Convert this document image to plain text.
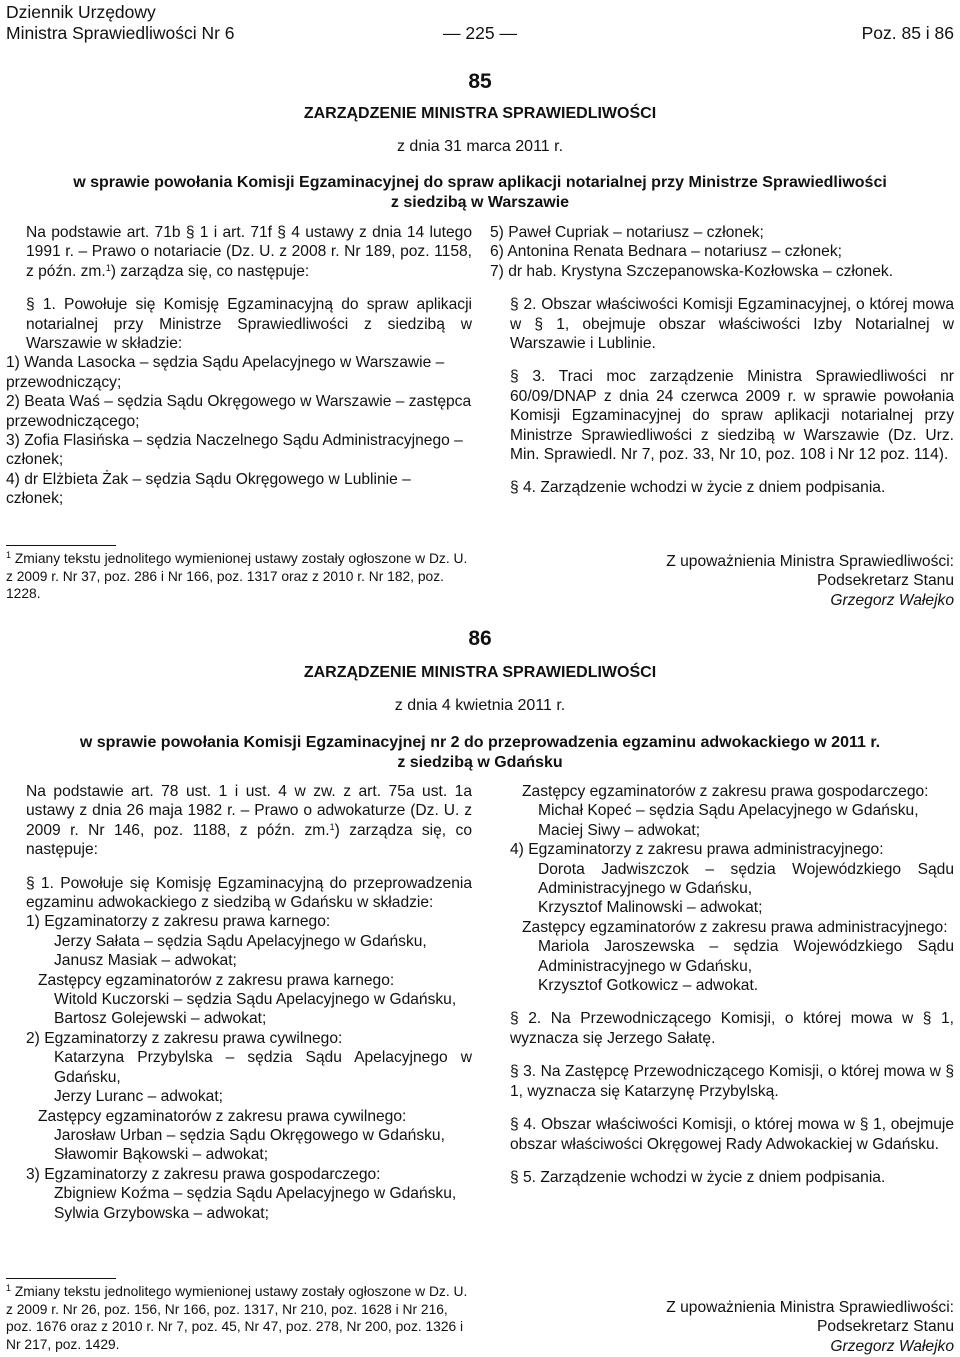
Dziennik Urzędowy
Ministra Sprawiedliwości Nr 6	— 225 —	Poz. 85 i 86
85
ZARZĄDZENIE MINISTRA SPRAWIEDLIWOŚCI
z dnia 31 marca 2011 r.
w sprawie powołania Komisji Egzaminacyjnej do spraw aplikacji notarialnej przy Ministrze Sprawiedliwości
z siedzibą w Warszawie

Na podstawie art. 71b § 1 i art. 71f § 4 ustawy z dnia 14 lutego 1991 r. – Prawo o notariacie (Dz. U. z 2008 r. Nr 189, poz. 1158, z późn. zm.$^1$) zarządza się, co następuje:

§ 1. Powołuje się Komisję Egzaminacyjną do spraw aplikacji notarialnej przy Ministrze Sprawiedliwości z siedzibą w Warszawie w składzie:

1) Wanda Lasocka – sędzia Sądu Apelacyjnego w Warszawie – przewodniczący;

2) Beata Waś – sędzia Sądu Okręgowego w Warszawie – zastępca przewodniczącego;

3) Zofia Flasińska – sędzia Naczelnego Sądu Administracyjnego – członek;

4) dr Elżbieta Żak – sędzia Sądu Okręgowego w Lublinie – członek;

5) Paweł Cupriak – notariusz – członek;

6) Antonina Renata Bednara – notariusz – członek;

7) dr hab. Krystyna Szczepanowska-Kozłowska – członek.

§ 2. Obszar właściwości Komisji Egzaminacyjnej, o której mowa w § 1, obejmuje obszar właściwości Izby Notarialnej w Warszawie i Lublinie.

§ 3. Traci moc zarządzenie Ministra Sprawiedliwości nr 60/09/DNAP z dnia 24 czerwca 2009 r. w sprawie powołania Komisji Egzaminacyjnej do spraw aplikacji notarialnej przy Ministrze Sprawiedliwości z siedzibą w Warszawie (Dz. Urz. Min. Sprawiedl. Nr 7, poz. 33, Nr 10, poz. 108 i Nr 12 poz. 114).

§ 4. Zarządzenie wchodzi w życie z dniem podpisania.

$^1$ Zmiany tekstu jednolitego wymienionej ustawy zostały ogłoszone w Dz. U. z 2009 r. Nr 37, poz. 286 i Nr 166, poz. 1317 oraz z 2010 r. Nr 182, poz. 1228.
Z upoważnienia Ministra Sprawiedliwości:
Podsekretarz Stanu
Grzegorz Wałejko
86
ZARZĄDZENIE MINISTRA SPRAWIEDLIWOŚCI
z dnia 4 kwietnia 2011 r.
w sprawie powołania Komisji Egzaminacyjnej nr 2 do przeprowadzenia egzaminu adwokackiego w 2011 r.
z siedzibą w Gdańsku

Na podstawie art. 78 ust. 1 i ust. 4 w zw. z art. 75a ust. 1a ustawy z dnia 26 maja 1982 r. – Prawo o adwokaturze (Dz. U. z 2009 r. Nr 146, poz. 1188, z późn. zm.$^1$) zarządza się, co następuje:

§ 1. Powołuje się Komisję Egzaminacyjną do przeprowadzenia egzaminu adwokackiego z siedzibą w Gdańsku w składzie:

1) Egzaminatorzy z zakresu prawa karnego:

Jerzy Sałata – sędzia Sądu Apelacyjnego w Gdańsku,

Janusz Masiak – adwokat;

Zastępcy egzaminatorów z zakresu prawa karnego:

Witold Kuczorski – sędzia Sądu Apelacyjnego w Gdańsku,

Bartosz Golejewski – adwokat;

2) Egzaminatorzy z zakresu prawa cywilnego:

Katarzyna Przybylska – sędzia Sądu Apelacyjnego w Gdańsku,

Jerzy Luranc – adwokat;

Zastępcy egzaminatorów z zakresu prawa cywilnego:

Jarosław Urban – sędzia Sądu Okręgowego w Gdańsku,

Sławomir Bąkowski – adwokat;

3) Egzaminatorzy z zakresu prawa gospodarczego:

Zbigniew Koźma – sędzia Sądu Apelacyjnego w Gdańsku,

Sylwia Grzybowska – adwokat;

Zastępcy egzaminatorów z zakresu prawa gospodarczego:

Michał Kopeć – sędzia Sądu Apelacyjnego w Gdańsku,

Maciej Siwy – adwokat;

4) Egzaminatorzy z zakresu prawa administracyjnego:

Dorota Jadwiszczok – sędzia Wojewódzkiego Sądu Administracyjnego w Gdańsku,

Krzysztof Malinowski – adwokat;

Zastępcy egzaminatorów z zakresu prawa administracyjnego:

Mariola Jaroszewska – sędzia Wojewódzkiego Sądu Administracyjnego w Gdańsku,

Krzysztof Gotkowicz – adwokat.

§ 2. Na Przewodniczącego Komisji, o której mowa w § 1, wyznacza się Jerzego Sałatę.

§ 3. Na Zastępcę Przewodniczącego Komisji, o której mowa w § 1, wyznacza się Katarzynę Przybylską.

§ 4. Obszar właściwości Komisji, o której mowa w § 1, obejmuje obszar właściwości Okręgowej Rady Adwokackiej w Gdańsku.

§ 5. Zarządzenie wchodzi w życie z dniem podpisania.

$^1$ Zmiany tekstu jednolitego wymienionej ustawy zostały ogłoszone w Dz. U. z 2009 r. Nr 26, poz. 156, Nr 166, poz. 1317, Nr 210, poz. 1628 i Nr 216, poz. 1676 oraz z 2010 r. Nr 7, poz. 45, Nr 47, poz. 278, Nr 200, poz. 1326 i Nr 217, poz. 1429.
Z upoważnienia Ministra Sprawiedliwości:
Podsekretarz Stanu
Grzegorz Wałejko
